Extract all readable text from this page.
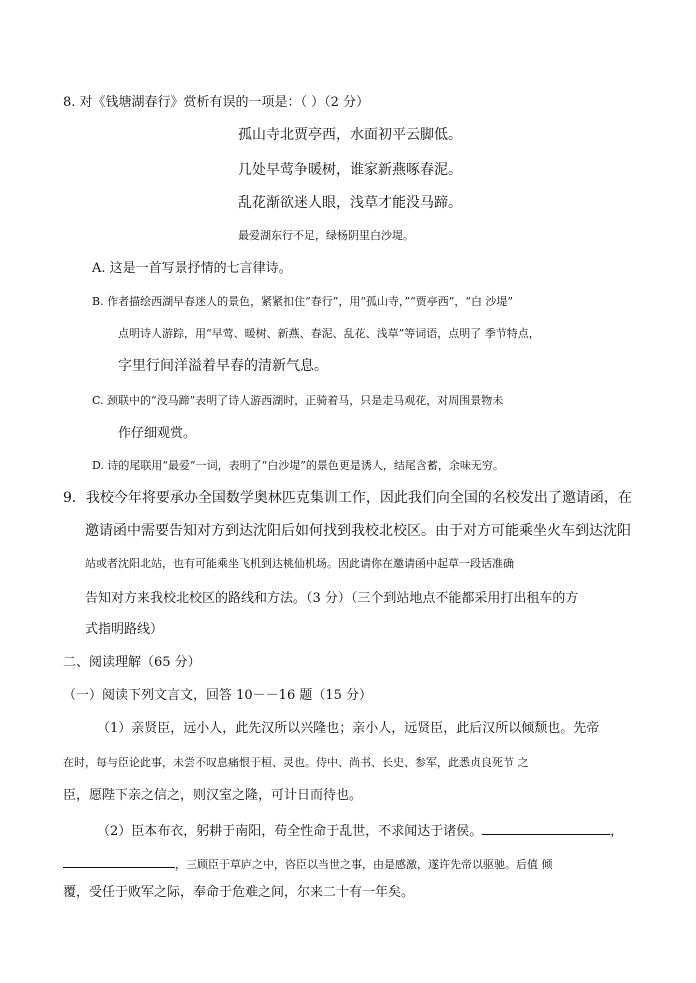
8. 对《钱塘湖春行》赏析有误的一项是：（ ）（2 分）
孤山寺北贾亭西，水面初平云脚低。
几处早莺争暖树，谁家新燕啄春泥。
乱花渐欲迷人眼，浅草才能没马蹄。
最爱湖东行不足，绿杨阴里白沙堤。
A. 这是一首写景抒情的七言律诗。
B. 作者描绘西湖早春迷人的景色，紧紧扣住“春行”，用“孤山寺，”“贾亭西”，“白 沙堤”
点明诗人游踪，用“早莺、暖树、新燕、春泥、乱花、浅草”等词语，点明了 季节特点，
字里行间洋溢着早春的清新气息。
C. 颈联中的“没马蹄”表明了诗人游西湖时，正骑着马，只是走马观花，对周围景物未
作仔细观赏。
D. 诗的尾联用“最爱”一词，表明了“白沙堤”的景色更是诱人，结尾含蓄，余味无穷。
9．我校今年将要承办全国数学奥林匹克集训工作，因此我们向全国的名校发出了邀请函，在
邀请函中需要告知对方到达沈阳后如何找到我校北校区。由于对方可能乘坐火车到达沈阳
站或者沈阳北站，也有可能乘坐飞机到达桃仙机场。因此请你在邀请函中起草一段话准确
告知对方来我校北校区的路线和方法。（3 分）（三个到站地点不能都采用打出租车的方
式指明路线）
二、阅读理解（65 分）
（一）阅读下列文言文，回答 10－－16 题（15 分）
（1）亲贤臣，远小人，此先汉所以兴隆也；亲小人，远贤臣，此后汉所以倾颓也。先帝
在时，每与臣论此事，未尝不叹息痛恨于桓、灵也。侍中、尚书、长史、参军，此悉贞良死节 之
臣，愿陛下亲之信之，则汉室之隆，可计日而待也。
（2）臣本布衣，躬耕于南阳，苟全性命于乱世，不求闻达于诸侯。	，
，三顾臣于草庐之中，咨臣以当世之事，由是感激，遂许先帝以驱驰。后值 倾
覆，受任于败军之际，奉命于危难之间，尔来二十有一年矣。
